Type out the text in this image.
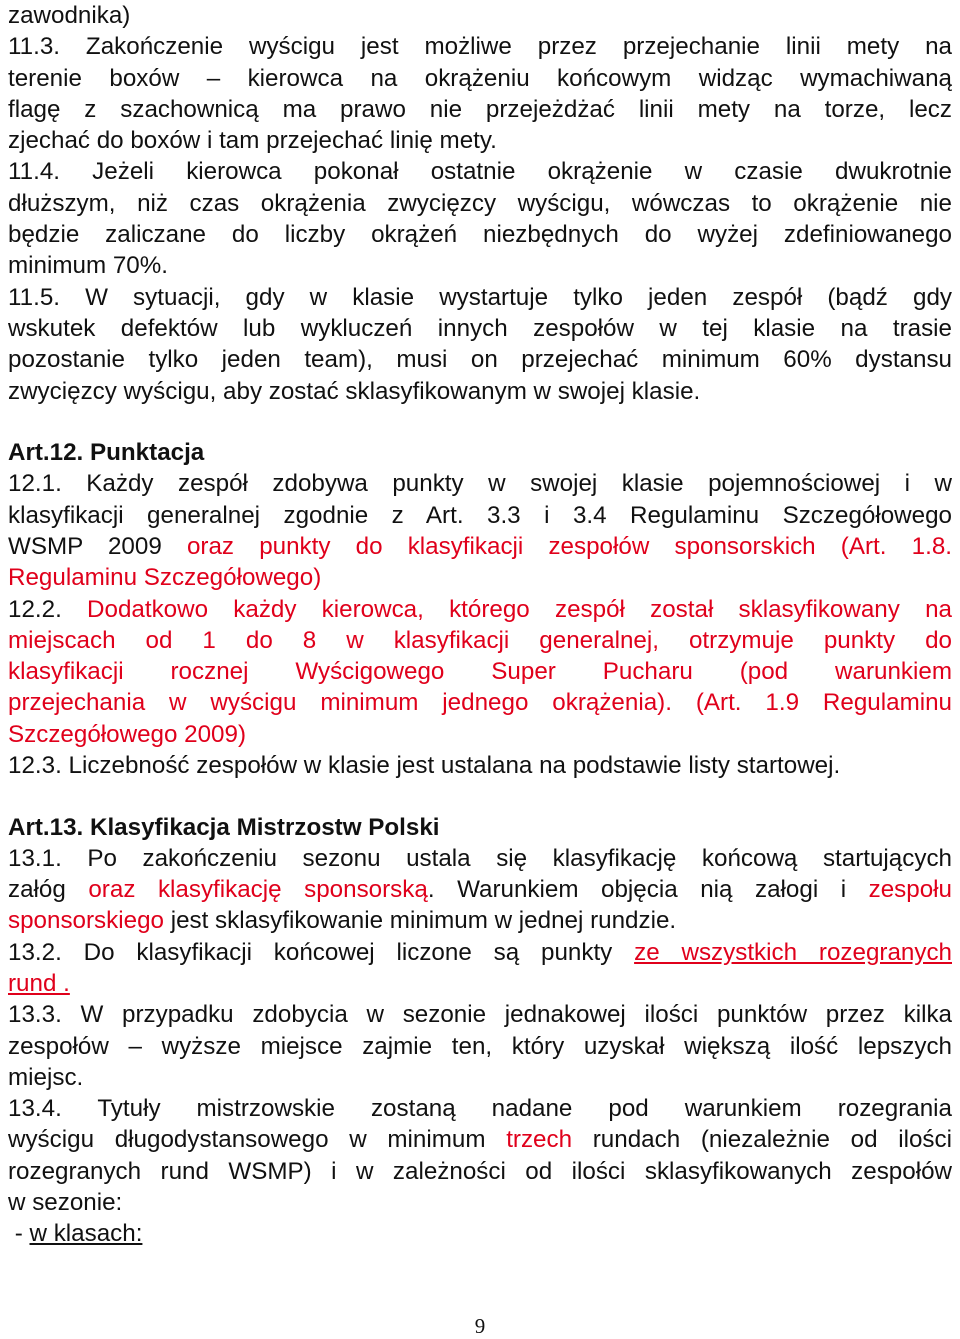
zawodnika)
11.3. Zakończenie wyścigu jest możliwe przez przejechanie linii mety na
terenie boxów – kierowca na okrążeniu końcowym widząc wymachiwaną
flagę z szachownicą ma prawo nie przejeżdżać linii mety na torze, lecz
zjechać do boxów i tam przejechać linię mety.
11.4. Jeżeli kierowca pokonał ostatnie okrążenie w czasie dwukrotnie
dłuższym, niż czas okrążenia zwycięzcy wyścigu, wówczas to okrążenie nie
będzie zaliczane do liczby okrążeń niezbędnych do wyżej zdefiniowanego
minimum 70%.
11.5. W sytuacji, gdy w klasie wystartuje tylko jeden zespół (bądź gdy
wskutek defektów lub wykluczeń innych zespołów w tej klasie na trasie
pozostanie tylko jeden team), musi on przejechać minimum 60% dystansu
zwycięzcy wyścigu, aby zostać sklasyfikowanym w swojej klasie.
Art.12. Punktacja
12.1. Każdy zespół zdobywa punkty w swojej klasie pojemnościowej i w
klasyfikacji generalnej zgodnie z Art. 3.3 i 3.4 Regulaminu Szczegółowego
WSMP 2009 oraz punkty do klasyfikacji zespołów sponsorskich (Art. 1.8.
Regulaminu Szczegółowego)
12.2. Dodatkowo każdy kierowca, którego zespół został sklasyfikowany na
miejscach od 1 do 8 w klasyfikacji generalnej, otrzymuje punkty do
klasyfikacji rocznej Wyścigowego Super Pucharu (pod warunkiem
przejechania w wyścigu minimum jednego okrążenia). (Art. 1.9 Regulaminu
Szczegółowego 2009)
12.3. Liczebność zespołów w klasie jest ustalana na podstawie listy startowej.
Art.13. Klasyfikacja Mistrzostw Polski
13.1. Po zakończeniu sezonu ustala się klasyfikację końcową startujących
załóg oraz klasyfikację sponsorską. Warunkiem objęcia nią załogi i zespołu
sponsorskiego jest sklasyfikowanie minimum w jednej rundzie.
13.2. Do klasyfikacji końcowej liczone są punkty ze wszystkich rozegranych
rund .
13.3. W przypadku zdobycia w sezonie jednakowej ilości punktów przez kilka
zespołów – wyższe miejsce zajmie ten, który uzyskał większą ilość lepszych
miejsc.
13.4. Tytuły mistrzowskie zostaną nadane pod warunkiem rozegrania
wyścigu długodystansowego w minimum trzech rundach (niezależnie od ilości
rozegranych rund WSMP) i w zależności od ilości sklasyfikowanych zespołów
w sezonie:
- w klasach:
9
